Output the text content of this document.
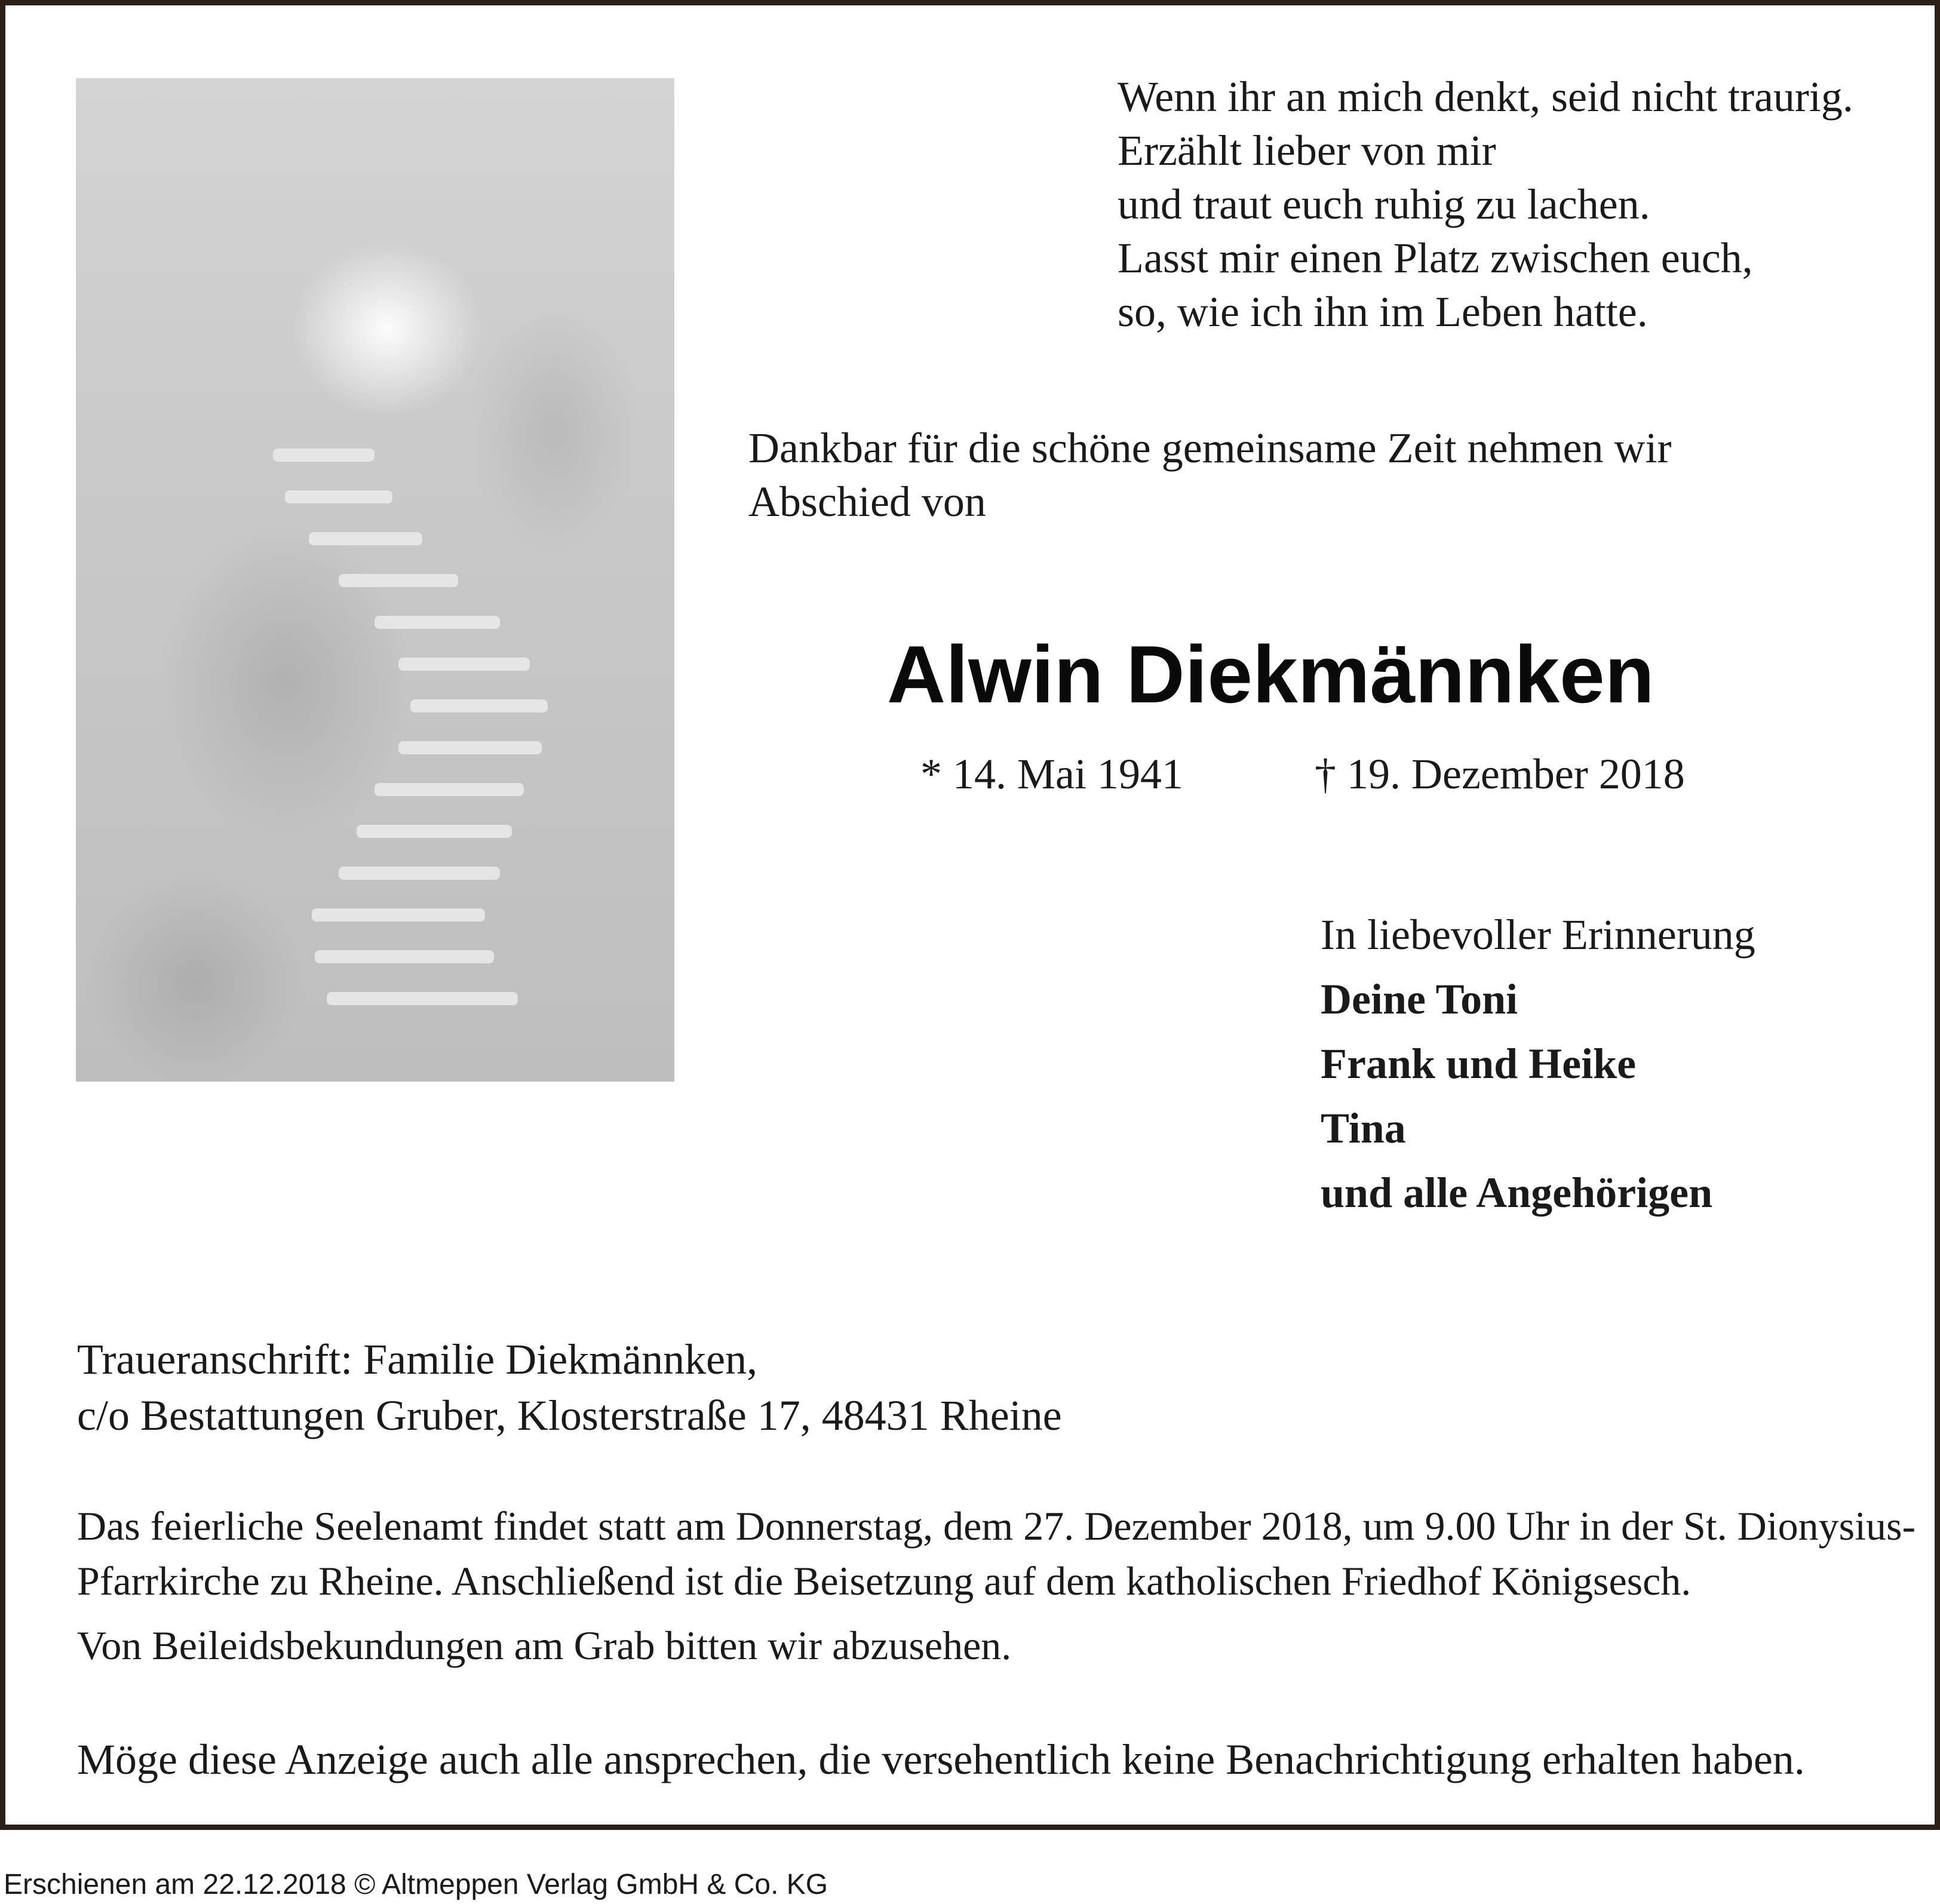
Wenn ihr an mich denkt, seid nicht traurig.
Erzählt lieber von mir
und traut euch ruhig zu lachen.
Lasst mir einen Platz zwischen euch,
so, wie ich ihn im Leben hatte.
Dankbar für die schöne gemeinsame Zeit nehmen wir
Abschied von
Alwin Diekmännken
* 14. Mai 1941	† 19. Dezember 2018
In liebevoller Erinnerung
Deine Toni
Frank und Heike
Tina
und alle Angehörigen
Traueranschrift: Familie Diekmännken,
c/o Bestattungen Gruber, Klosterstraße 17, 48431 Rheine

Das feierliche Seelenamt findet statt am Donnerstag, dem 27. Dezember 2018, um 9.00 Uhr in der St. Dionysius-

Pfarrkirche zu Rheine. Anschließend ist die Beisetzung auf dem katholischen Friedhof Königsesch.

Von Beileidsbekundungen am Grab bitten wir abzusehen.

Möge diese Anzeige auch alle ansprechen, die versehentlich keine Benachrichtigung erhalten haben.
Erschienen am 22.12.2018 © Altmeppen Verlag GmbH & Co. KG
